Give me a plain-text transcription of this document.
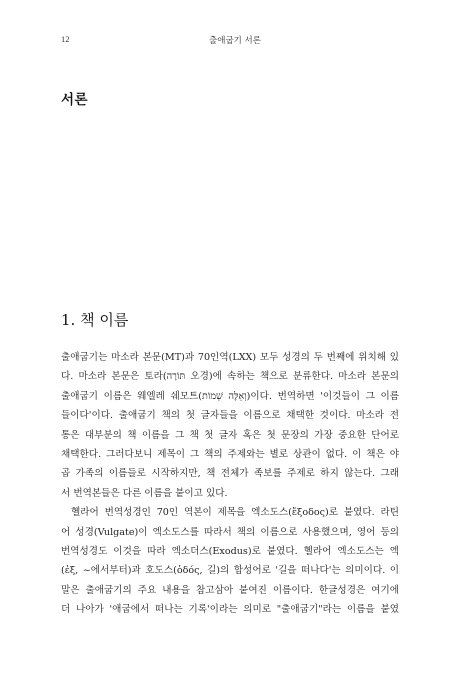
12	출애굽기 서론
서론
1. 책 이름
출애굽기는 마소라 본문(MT)과 70인역(LXX) 모두 성경의 두 번째에 위치해 있
다. 마소라 본문은 토라(תּוֹרָה 오경)에 속하는 책으로 분류한다. 마소라 본문의
출애굽기 이름은 웨엘레 쉐모트(וְאֵלֶּה שְׁמוֹת)이다. 번역하면 '이것들이 그 이름
들이다'이다. 출애굽기 책의 첫 글자들을 이름으로 채택한 것이다. 마소라 전
통은 대부분의 책 이름을 그 책 첫 글자 혹은 첫 문장의 가장 중요한 단어로
채택한다. 그러다보니 제목이 그 책의 주제와는 별로 상관이 없다. 이 책은 야
곱 가족의 이름들로 시작하지만, 책 전체가 족보를 주제로 하지 않는다. 그래
서 번역본들은 다른 이름을 붙이고 있다.
헬라어 번역성경인 70인 역본이 제목을 엑소도스(ἔξοδος)로 붙였다. 라틴
어 성경(Vulgate)이 엑소도스를 따라서 책의 이름으로 사용했으며, 영어 등의
번역성경도 이것을 따라 엑소더스(Exodus)로 붙였다. 헬라어 엑소도스는 엑
(ἐξ, ~에서부터)과 호도스(ὁδός, 길)의 합성어로 '길을 떠나다'는 의미이다. 이
말은 출애굽기의 주요 내용을 참고삼아 붙여진 이름이다. 한글성경은 여기에
더 나아가 '애굽에서 떠나는 기록'이라는 의미로 "출애굽기"라는 이름을 붙였
